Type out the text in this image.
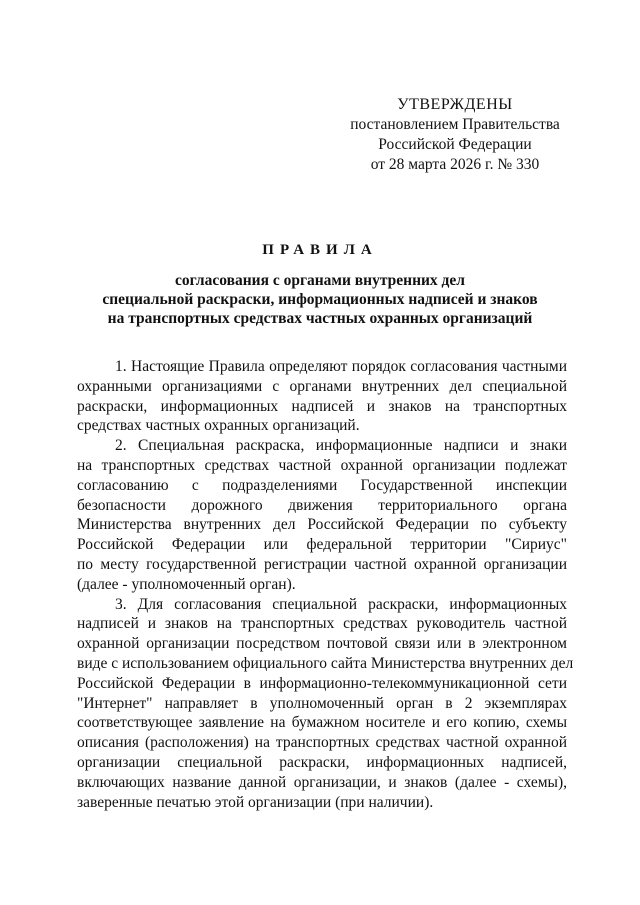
УТВЕРЖДЕНЫ
постановлением Правительства
Российской Федерации
от 28 марта 2026 г. № 330
ПРАВИЛА
согласования с органами внутренних дел
специальной раскраски, информационных надписей и знаков
на транспортных средствах частных охранных организаций
1. Настоящие Правила определяют порядок согласования частными
охранными организациями с органами внутренних дел специальной
раскраски, информационных надписей и знаков на транспортных
средствах частных охранных организаций.
2. Специальная раскраска, информационные надписи и знаки
на транспортных средствах частной охранной организации подлежат
согласованию с подразделениями Государственной инспекции
безопасности дорожного движения территориального органа
Министерства внутренних дел Российской Федерации по субъекту
Российской Федерации или федеральной территории "Сириус"
по месту государственной регистрации частной охранной организации
(далее - уполномоченный орган).
3. Для согласования специальной раскраски, информационных
надписей и знаков на транспортных средствах руководитель частной
охранной организации посредством почтовой связи или в электронном
виде с использованием официального сайта Министерства внутренних дел
Российской Федерации в информационно-телекоммуникационной сети
"Интернет" направляет в уполномоченный орган в 2 экземплярах
соответствующее заявление на бумажном носителе и его копию, схемы
описания (расположения) на транспортных средствах частной охранной
организации специальной раскраски, информационных надписей,
включающих название данной организации, и знаков (далее - схемы),
заверенные печатью этой организации (при наличии).
